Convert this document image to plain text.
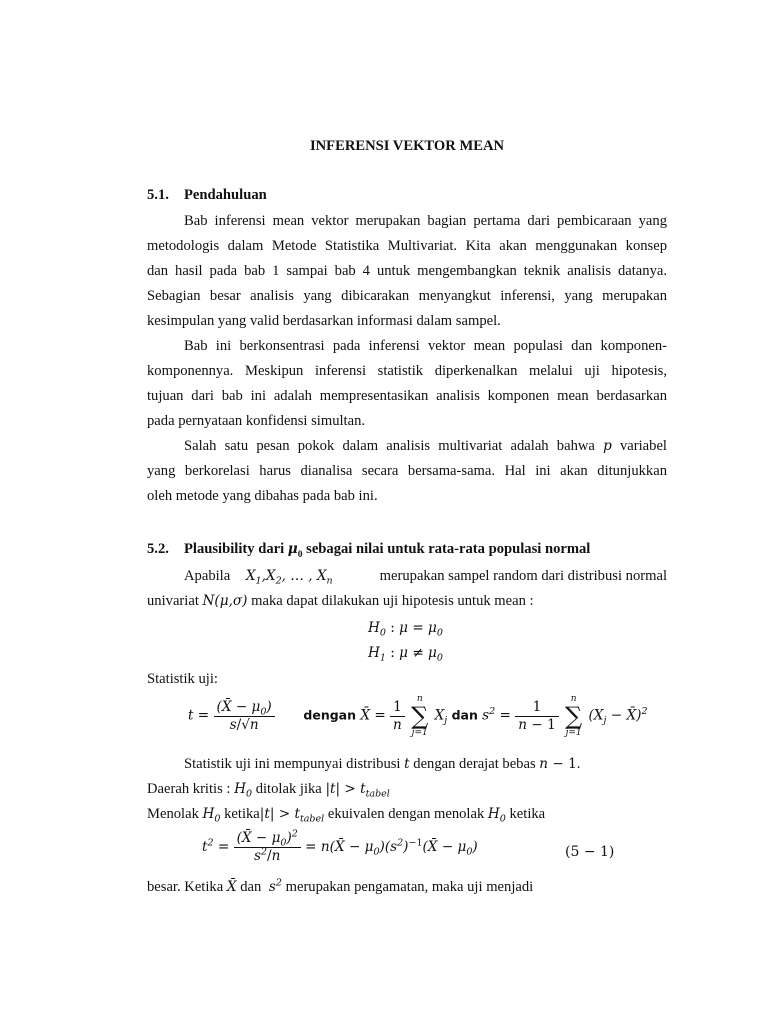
INFERENSI VEKTOR MEAN
5.1. Pendahuluan
Bab inferensi mean vektor merupakan bagian pertama dari pembicaraan yang
metodologis dalam Metode Statistika Multivariat. Kita akan menggunakan konsep
dan hasil pada bab 1 sampai bab 4 untuk mengembangkan teknik analisis datanya.
Sebagian besar analisis yang dibicarakan menyangkut inferensi, yang merupakan
kesimpulan yang valid berdasarkan informasi dalam sampel.
Bab ini berkonsentrasi pada inferensi vektor mean populasi dan komponen-
komponennya. Meskipun inferensi statistik diperkenalkan melalui uji hipotesis,
tujuan dari bab ini adalah mempresentasikan analisis komponen mean berdasarkan
pada pernyataan konfidensi simultan.
Salah satu pesan pokok dalam analisis multivariat adalah bahwa p variabel
yang berkorelasi harus dianalisa secara bersama-sama. Hal ini akan ditunjukkan
oleh metode yang dibahas pada bab ini.
5.2. Plausibility dari $\mu_0$ sebagai nilai untuk rata-rata populasi normal
Apabila $X_1,X_2$, … , $X_n$	merupakan sampel random dari distribusi normal
univariat N(μ,σ) maka dapat dilakukan uji hipotesis untuk mean :
$H_0$ : $\mu = \mu_0$
$H_1$ : $\mu \ne \mu_0$
Statistik uji:
$t = \frac{(X̄ - \mu_0)}{s/√n}$ dengan X̄ = $\frac{1}{n}$
	n
∑
j=1
$X_j$ dan $s^2 = \frac{1}{n - 1}$
	n
∑
j=1
($X_j$ − X̄)$^2$
Statistik uji ini mempunyai distribusi t dengan derajat bebas n − 1.
Daerah kritis : $H_0$ ditolak jika $|t| > t_{tabel}$
Menolak $H_0$ ketika|t| > $t_{tabel}$ ekuivalen dengan menolak $H_0$ ketika
$t^2 = \frac{(X̄ - \mu_0)^2}{s^2/n}$ = n(X̄ − $\mu_0)(s^2)^{-1}(X̄ - \mu_0)$	(5 − 1)
besar. Ketika X̄ dan $s^2$ merupakan pengamatan, maka uji menjadi
